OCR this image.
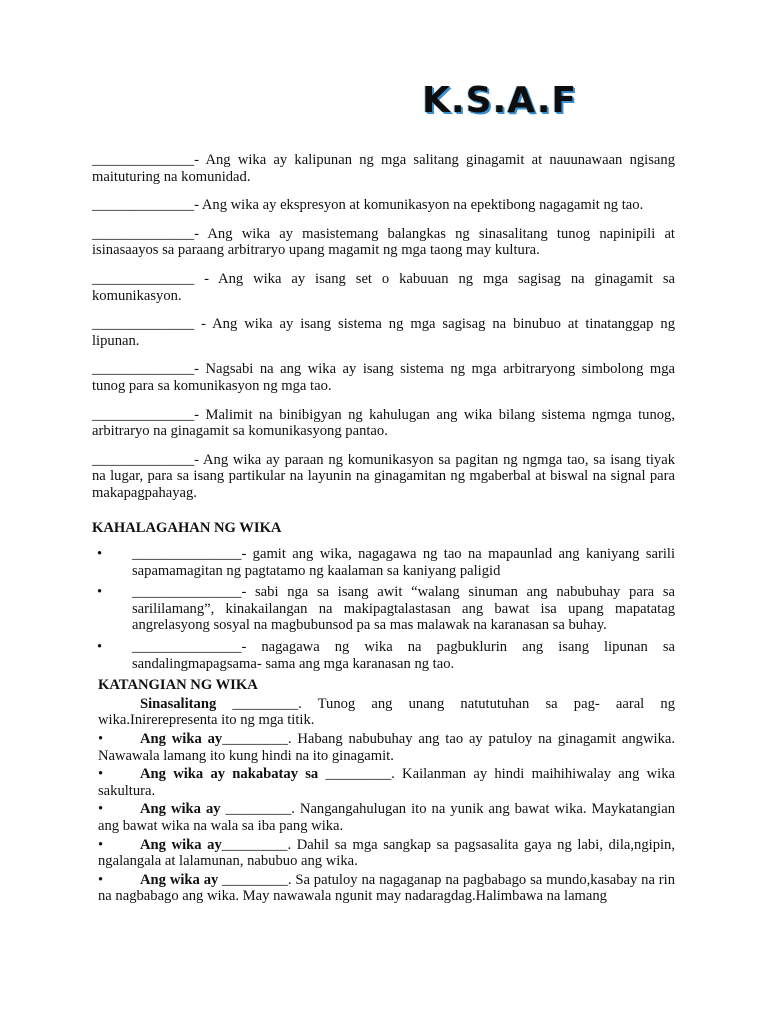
K.S.A.F

______________- Ang wika ay kalipunan ng mga salitang ginagamit at nauunawaan ngisang maituturing na komunidad.

______________- Ang wika ay ekspresyon at komunikasyon na epektibong nagagamit ng tao.

______________- Ang wika ay masistemang balangkas ng sinasalitang tunog napinipili at isinasaayos sa paraang arbitraryo upang magamit ng mga taong may kultura.

______________ - Ang wika ay isang set o kabuuan ng mga sagisag na ginagamit sa komunikasyon.

______________ - Ang wika ay isang sistema ng mga sagisag na binubuo at tinatanggap ng lipunan.

______________- Nagsabi na ang wika ay isang sistema ng mga arbitraryong simbolong mga tunog para sa komunikasyon ng mga tao.

______________- Malimit na binibigyan ng kahulugan ang wika bilang sistema ngmga tunog, arbitraryo na ginagamit sa komunikasyong pantao.

______________- Ang wika ay paraan ng komunikasyon sa pagitan ng ngmga tao, sa isang tiyak na lugar, para sa isang partikular na layunin na ginagamitan ng mgaberbal at biswal na signal para makapagpahayag.

KAHALAGAHAN NG WIKA
•	_______________- gamit ang wika, nagagawa ng tao na mapaunlad ang kaniyang sarili sapamamagitan ng pagtatamo ng kaalaman sa kaniyang paligid
•	_______________- sabi nga sa isang awit “walang sinuman ang nabubuhay para sa sarililamang”, kinakailangan na makipagtalastasan ang bawat isa upang mapatatag angrelasyong sosyal na magbubunsod pa sa mas malawak na karanasan sa buhay.
•	_______________- nagagawa ng wika na pagbuklurin ang isang lipunan sa sandalingmapagsama- sama ang mga karanasan ng tao.
KATANGIAN NG WIKA
Sinasalitang _________. Tunog ang unang natututuhan sa pag- aaral ng wika.Inirerepresenta ito ng mga titik.
•	Ang wika ay_________. Habang nabubuhay ang tao ay patuloy na ginagamit angwika. Nawawala lamang ito kung hindi na ito ginagamit.
•	Ang wika ay nakabatay sa _________. Kailanman ay hindi maihihiwalay ang wika sakultura.
•	Ang wika ay _________. Nangangahulugan ito na yunik ang bawat wika. Maykatangian ang bawat wika na wala sa iba pang wika.
•	Ang wika ay_________. Dahil sa mga sangkap sa pagsasalita gaya ng labi, dila,ngipin, ngalangala at lalamunan, nabubuo ang wika.
•	Ang wika ay _________. Sa patuloy na nagaganap na pagbabago sa mundo,kasabay na rin na nagbabago ang wika. May nawawala ngunit may nadaragdag.Halimbawa na lamang
